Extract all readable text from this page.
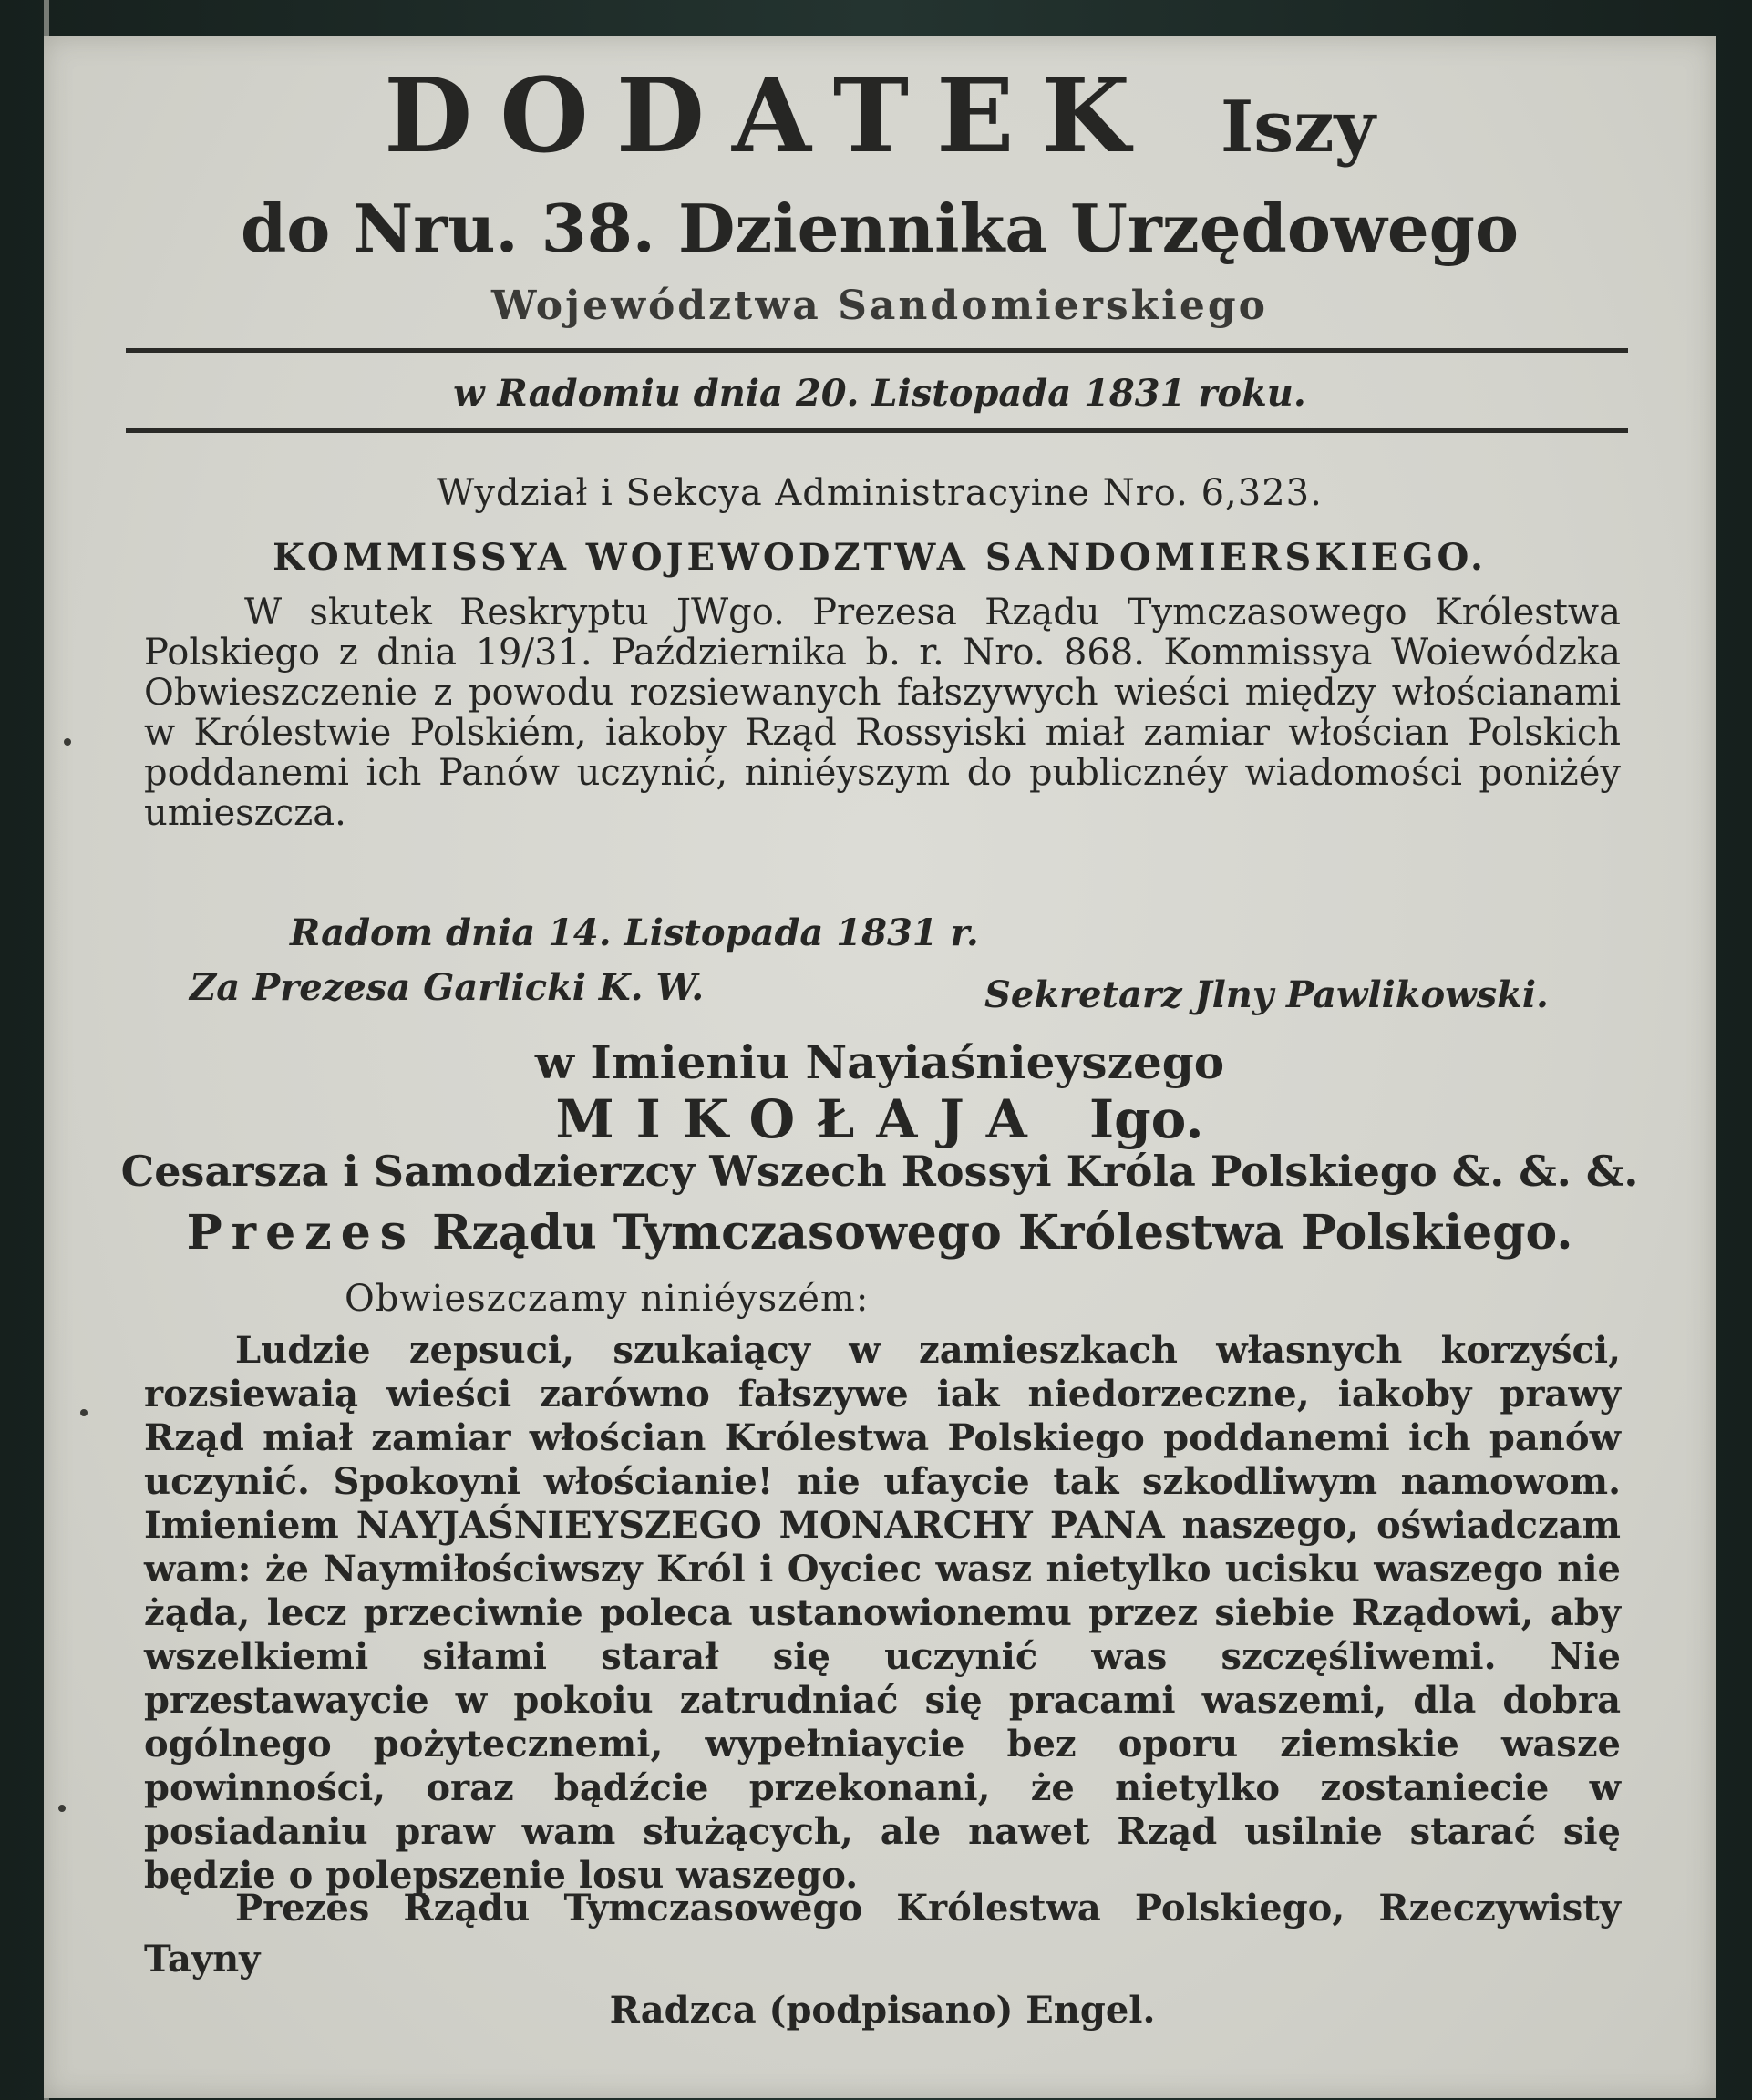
DODATEK Iszy
do Nru. 38. Dziennika Urzędowego
Województwa Sandomierskiego
w Radomiu dnia 20. Listopada 1831 roku.
Wydział i Sekcya Administracyine Nro. 6,323.
KOMMISSYA WOJEWODZTWA SANDOMIERSKIEGO.
W skutek Reskryptu JWgo. Prezesa Rządu Tymczasowego Królestwa Polskiego z dnia 19/31. Października b. r. Nro. 868. Kommissya Woiewódzka Obwieszczenie z powodu rozsiewanych fałszywych wieści między włościanami w Królestwie Polskiém, iakoby Rząd Rossyiski miał zamiar włościan Polskich poddanemi ich Panów uczynić, niniéyszym do publicznéy wiadomości poniżéy umieszcza.
Radom dnia 14. Listopada 1831 r.
Za Prezesa Garlicki K. W.	Sekretarz Jlny Pawlikowski.
w Imieniu Nayiaśnieyszego
MIKOŁAJA Igo.
Cesarsza i Samodzierzcy Wszech Rossyi Króla Polskiego &. &. &.
Prezes Rządu Tymczasowego Królestwa Polskiego.
Obwieszczamy niniéyszém:
Ludzie zepsuci, szukaiący w zamieszkach własnych korzyści, rozsiewaią wieści zarówno fałszywe iak niedorzeczne, iakoby prawy Rząd miał zamiar włościan Królestwa Polskiego poddanemi ich panów uczynić. Spokoyni włościanie! nie ufaycie tak szkodliwym namowom. Imieniem NAYJAŚNIEYSZEGO MONARCHY PANA naszego, oświadczam wam: że Naymiłościwszy Król i Oyciec wasz nietylko ucisku waszego nie żąda, lecz przeciwnie poleca ustanowionemu przez siebie Rządowi, aby wszelkiemi siłami starał się uczynić was szczęśliwemi. Nie przestawaycie w pokoiu zatrudniać się pracami waszemi, dla dobra ogólnego pożytecznemi, wypełniaycie bez oporu ziemskie wasze powinności, oraz bądźcie przekonani, że nietylko zostaniecie w posiadaniu praw wam służących, ale nawet Rząd usilnie starać się będzie o polepszenie losu waszego.
Prezes Rządu Tymczasowego Królestwa Polskiego, Rzeczywisty Tayny
Radzca (podpisano) Engel.
